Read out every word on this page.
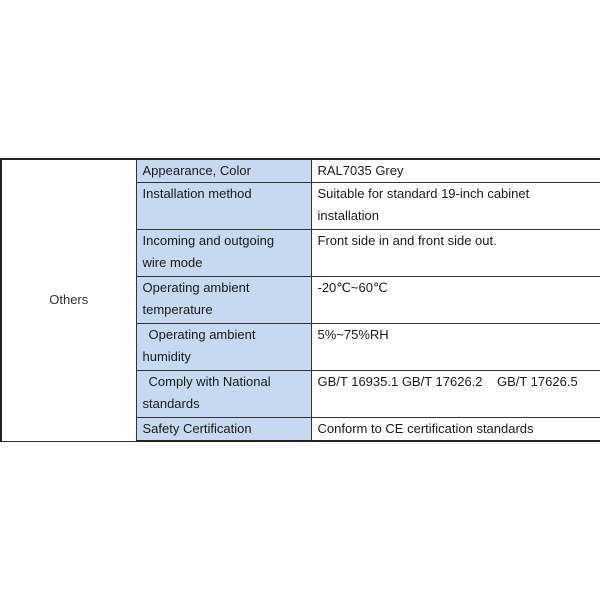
Others	Appearance, Color	RAL7035 Grey

	Installation method	Suitable for standard 19-inch cabinet
installation

	Incoming and outgoing
wire mode	Front side in and front side out.

	Operating ambient
temperature	-20℃~60℃

	Operating ambient
humidity	5%~75%RH

	Comply with National
standards	GB/T 16935.1 GB/T 17626.2    GB/T 17626.5

	Safety Certification	Conform to CE certification standards
